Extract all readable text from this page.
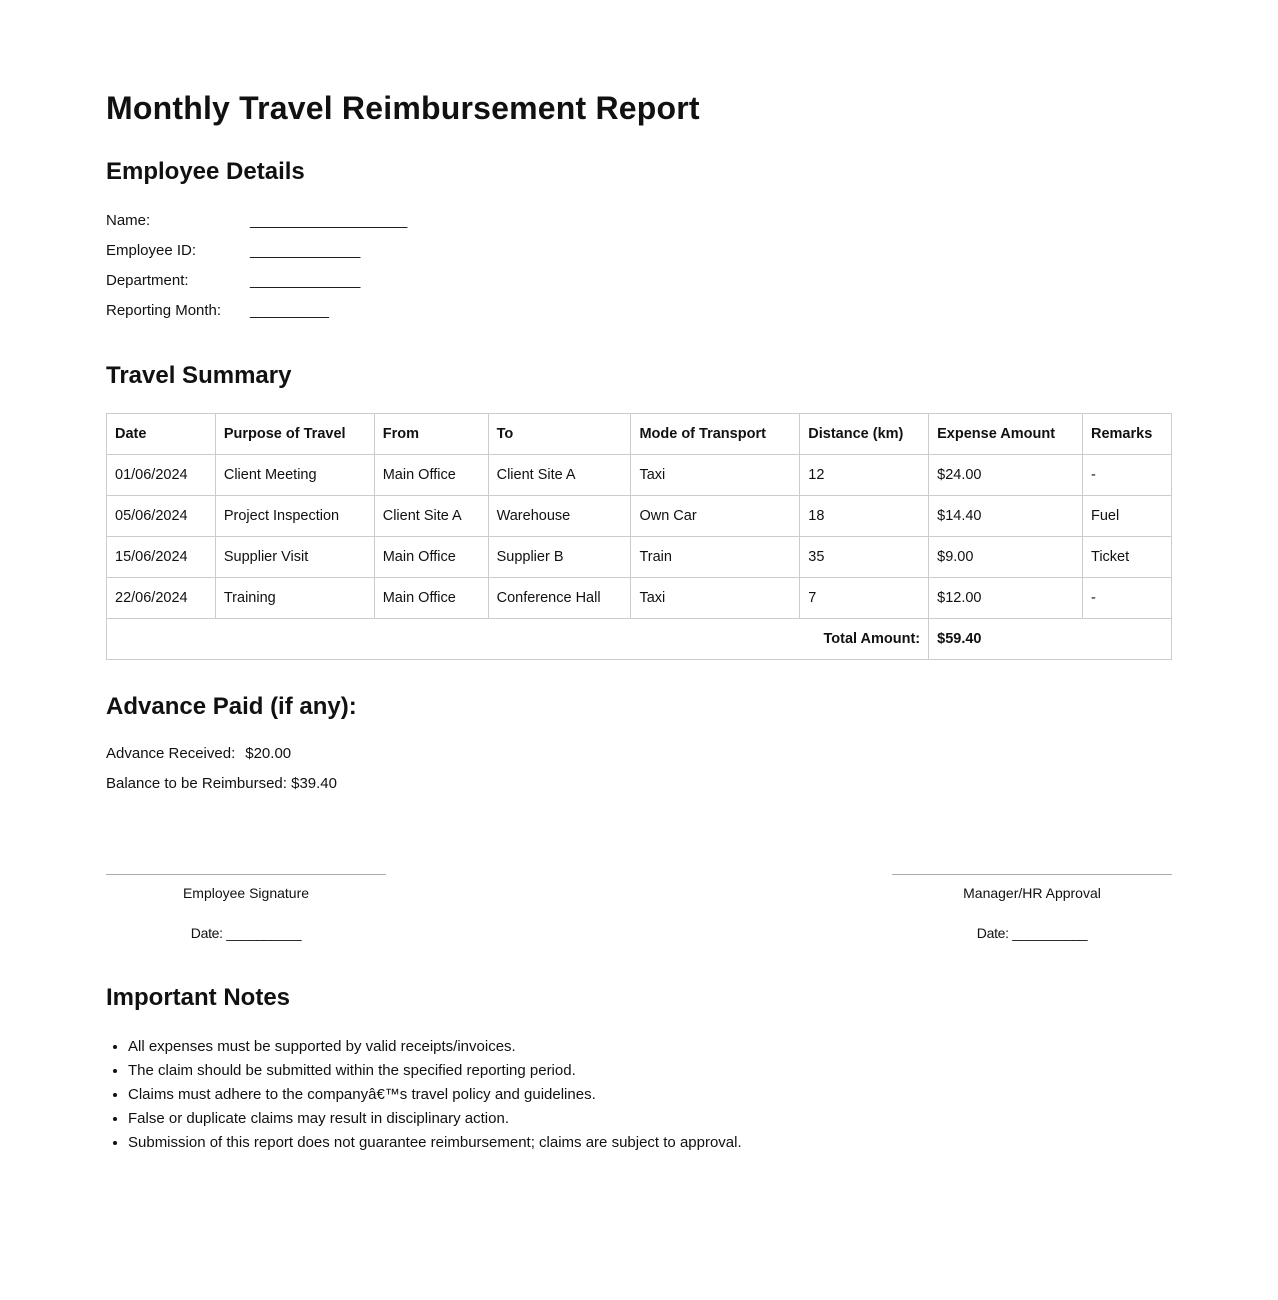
Monthly Travel Reimbursement Report
Employee Details
Name:	____________________
Employee ID:	______________
Department:	______________
Reporting Month: __________
Travel Summary
Date	Purpose of Travel	From	To	Mode of Transport	Distance (km)	Expense Amount	Remarks
01/06/2024	Client Meeting	Main Office	Client Site A	Taxi	12	$24.00	-
05/06/2024	Project Inspection	Client Site A	Warehouse	Own Car	18	$14.40	Fuel
15/06/2024	Supplier Visit	Main Office	Supplier B	Train	35	$9.00	Ticket
22/06/2024	Training	Main Office	Conference Hall	Taxi	7	$12.00	-
Total Amount:						$59.40	
Advance Paid (if any):
Advance Received: $20.00
Balance to be Reimbursed: $39.40
Employee Signature
Date: __________
Manager/HR Approval
Date: __________
Important Notes
• All expenses must be supported by valid receipts/invoices.
• The claim should be submitted within the specified reporting period.
• Claims must adhere to the companyâ€™s travel policy and guidelines.
• False or duplicate claims may result in disciplinary action.
• Submission of this report does not guarantee reimbursement; claims are subject to approval.
